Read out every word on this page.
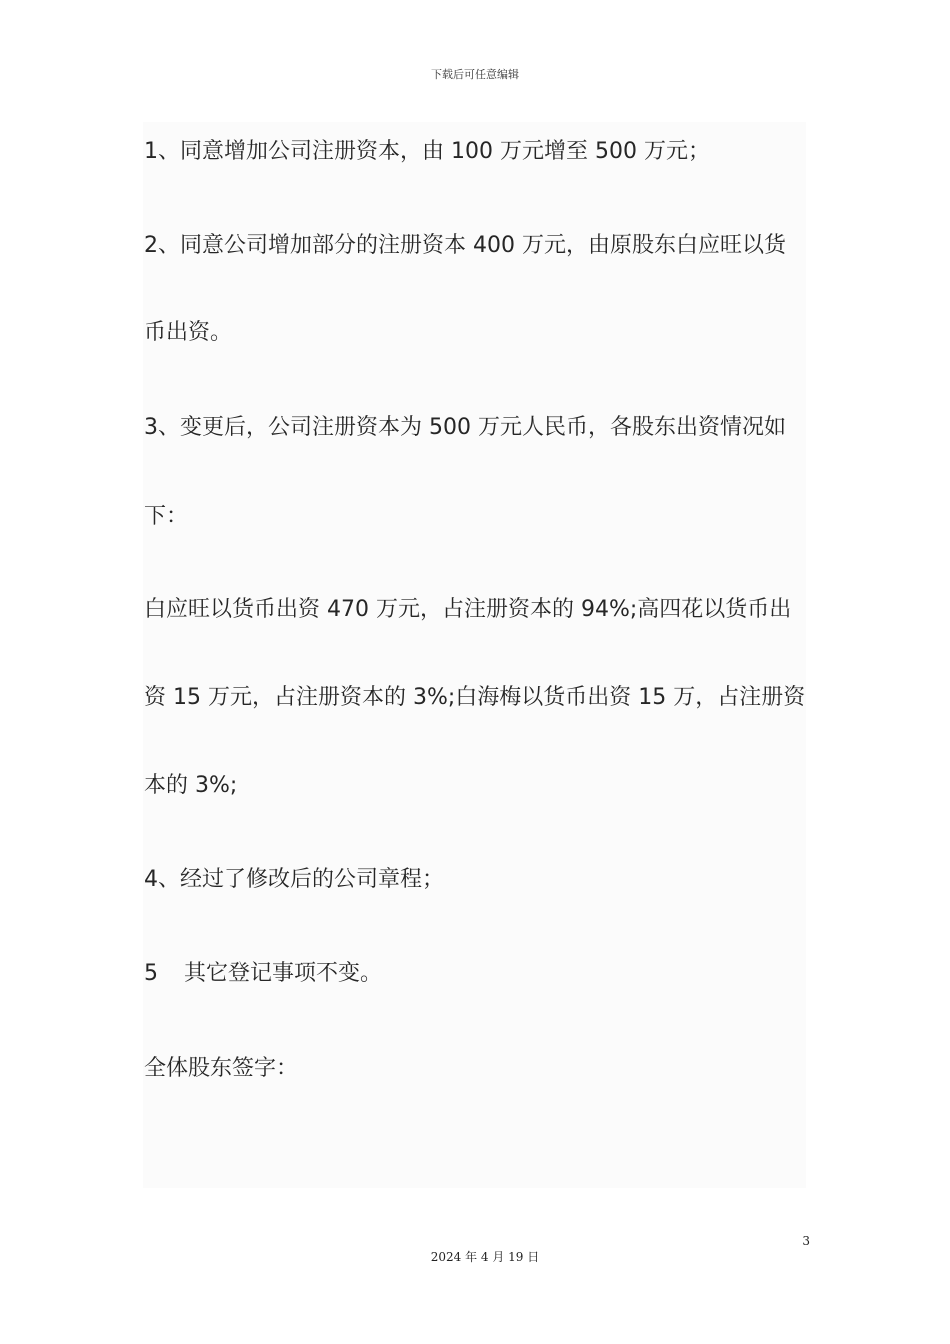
下载后可任意编辑
1、同意增加公司注册资本，由 100 万元增至 500 万元；
2、同意公司增加部分的注册资本 400 万元，由原股东白应旺以货
币出资。
3、变更后，公司注册资本为 500 万元人民币，各股东出资情况如
下：
白应旺以货币出资 470 万元，占注册资本的 94%;高四花以货币出
资 15 万元，占注册资本的 3%;白海梅以货币出资 15 万，占注册资
本的 3%;
4、经过了修改后的公司章程；
5 其它登记事项不变。
全体股东签字：
3
2024 年 4 月 19 日
